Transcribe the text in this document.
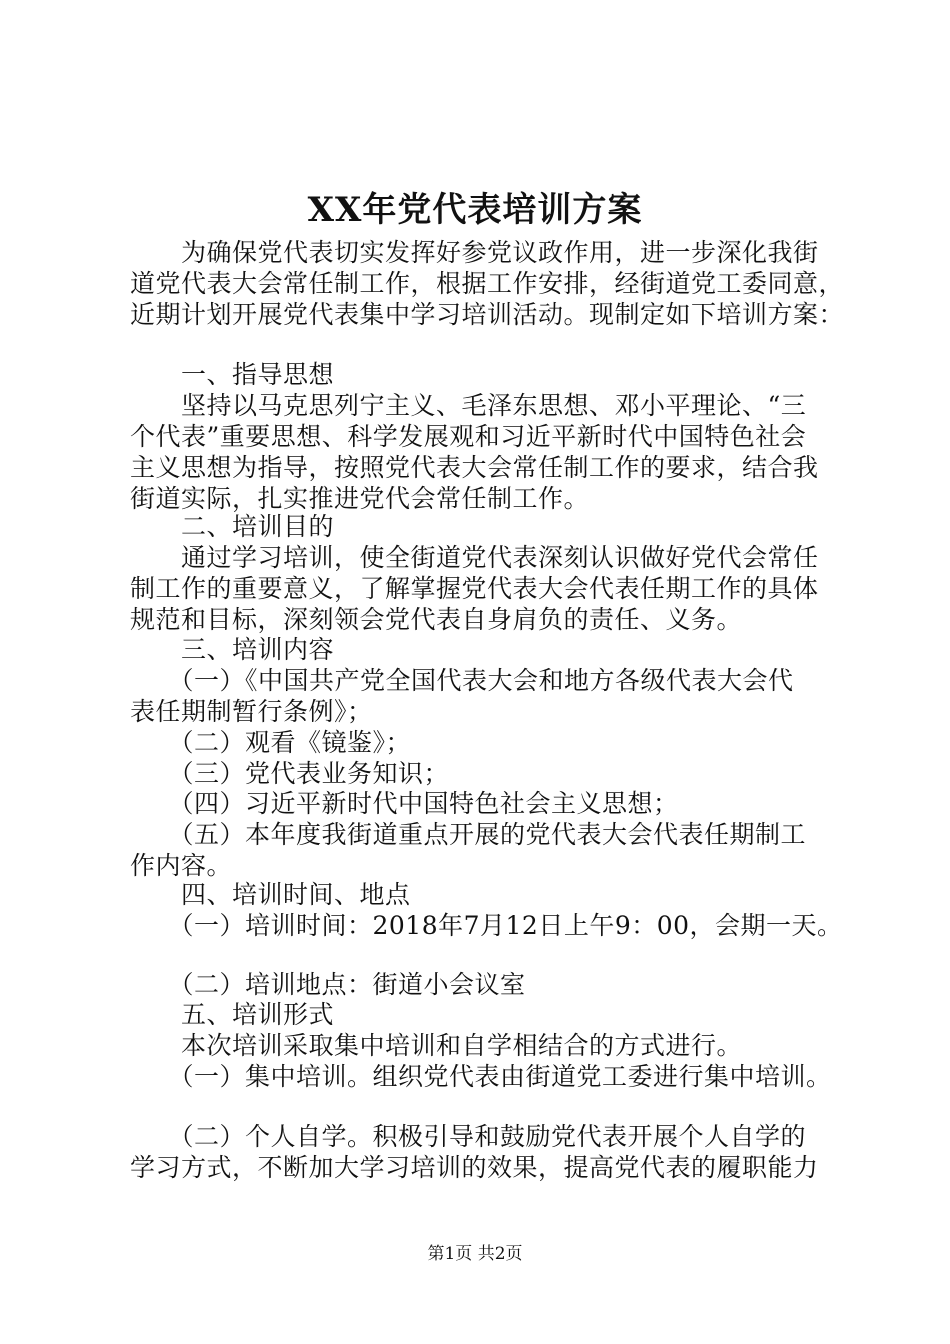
XX年党代表培训方案
　　为确保党代表切实发挥好参党议政作用，进一步深化我街
道党代表大会常任制工作，根据工作安排，经街道党工委同意，
近期计划开展党代表集中学习培训活动。现制定如下培训方案：
　　一、指导思想
　　坚持以马克思列宁主义、毛泽东思想、邓小平理论、“三
个代表”重要思想、科学发展观和习近平新时代中国特色社会
主义思想为指导，按照党代表大会常任制工作的要求，结合我
街道实际，扎实推进党代会常任制工作。
　　二、培训目的
　　通过学习培训，使全街道党代表深刻认识做好党代会常任
制工作的重要意义，了解掌握党代表大会代表任期工作的具体
规范和目标，深刻领会党代表自身肩负的责任、义务。
　　三、培训内容
　　（一）《中国共产党全国代表大会和地方各级代表大会代
表任期制暂行条例》；
　　（二）观看《镜鉴》；
　　（三）党代表业务知识；
　　（四）习近平新时代中国特色社会主义思想；
　　（五）本年度我街道重点开展的党代表大会代表任期制工
作内容。
　　四、培训时间、地点
　　（一）培训时间：2018年7月12日上午9：00，会期一天。
　　（二）培训地点：街道小会议室
　　五、培训形式
　　本次培训采取集中培训和自学相结合的方式进行。
　　（一）集中培训。组织党代表由街道党工委进行集中培训。
　　（二）个人自学。积极引导和鼓励党代表开展个人自学的
学习方式，不断加大学习培训的效果，提高党代表的履职能力
第1页 共2页
